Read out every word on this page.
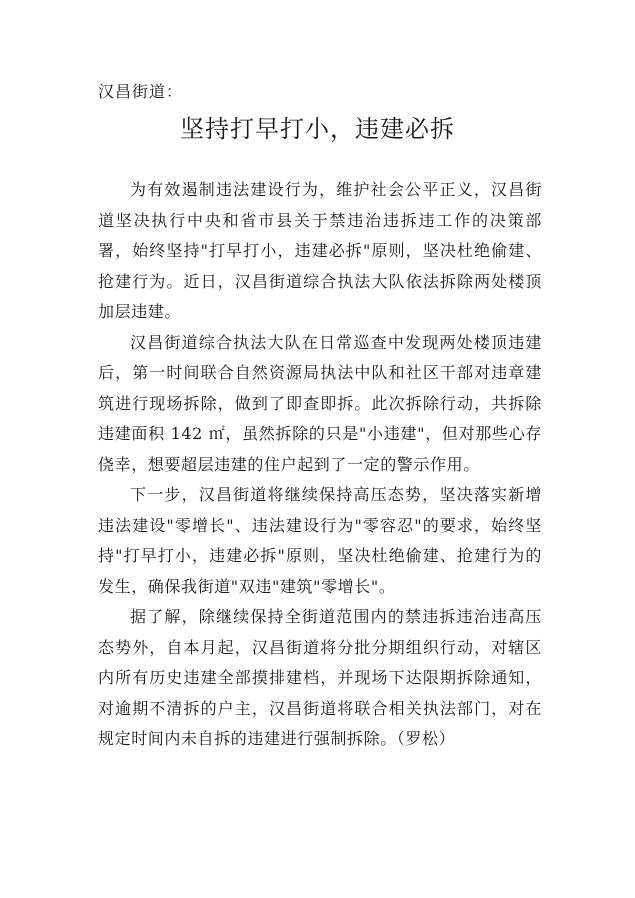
汉昌街道：
坚持打早打小，违建必拆

为有效遏制违法建设行为，维护社会公平正义，汉昌街道坚决执行中央和省市县关于禁违治违拆违工作的决策部署，始终坚持"打早打小，违建必拆"原则，坚决杜绝偷建、抢建行为。近日，汉昌街道综合执法大队依法拆除两处楼顶加层违建。

汉昌街道综合执法大队在日常巡查中发现两处楼顶违建后，第一时间联合自然资源局执法中队和社区干部对违章建筑进行现场拆除，做到了即查即拆。此次拆除行动，共拆除违建面积 142 ㎡，虽然拆除的只是"小违建"，但对那些心存侥幸，想要超层违建的住户起到了一定的警示作用。

下一步，汉昌街道将继续保持高压态势，坚决落实新增违法建设"零增长"、违法建设行为"零容忍"的要求，始终坚持"打早打小，违建必拆"原则，坚决杜绝偷建、抢建行为的发生，确保我街道"双违"建筑"零增长"。

据了解，除继续保持全街道范围内的禁违拆违治违高压态势外，自本月起，汉昌街道将分批分期组织行动，对辖区内所有历史违建全部摸排建档，并现场下达限期拆除通知，对逾期不清拆的户主，汉昌街道将联合相关执法部门，对在规定时间内未自拆的违建进行强制拆除。（罗松）
